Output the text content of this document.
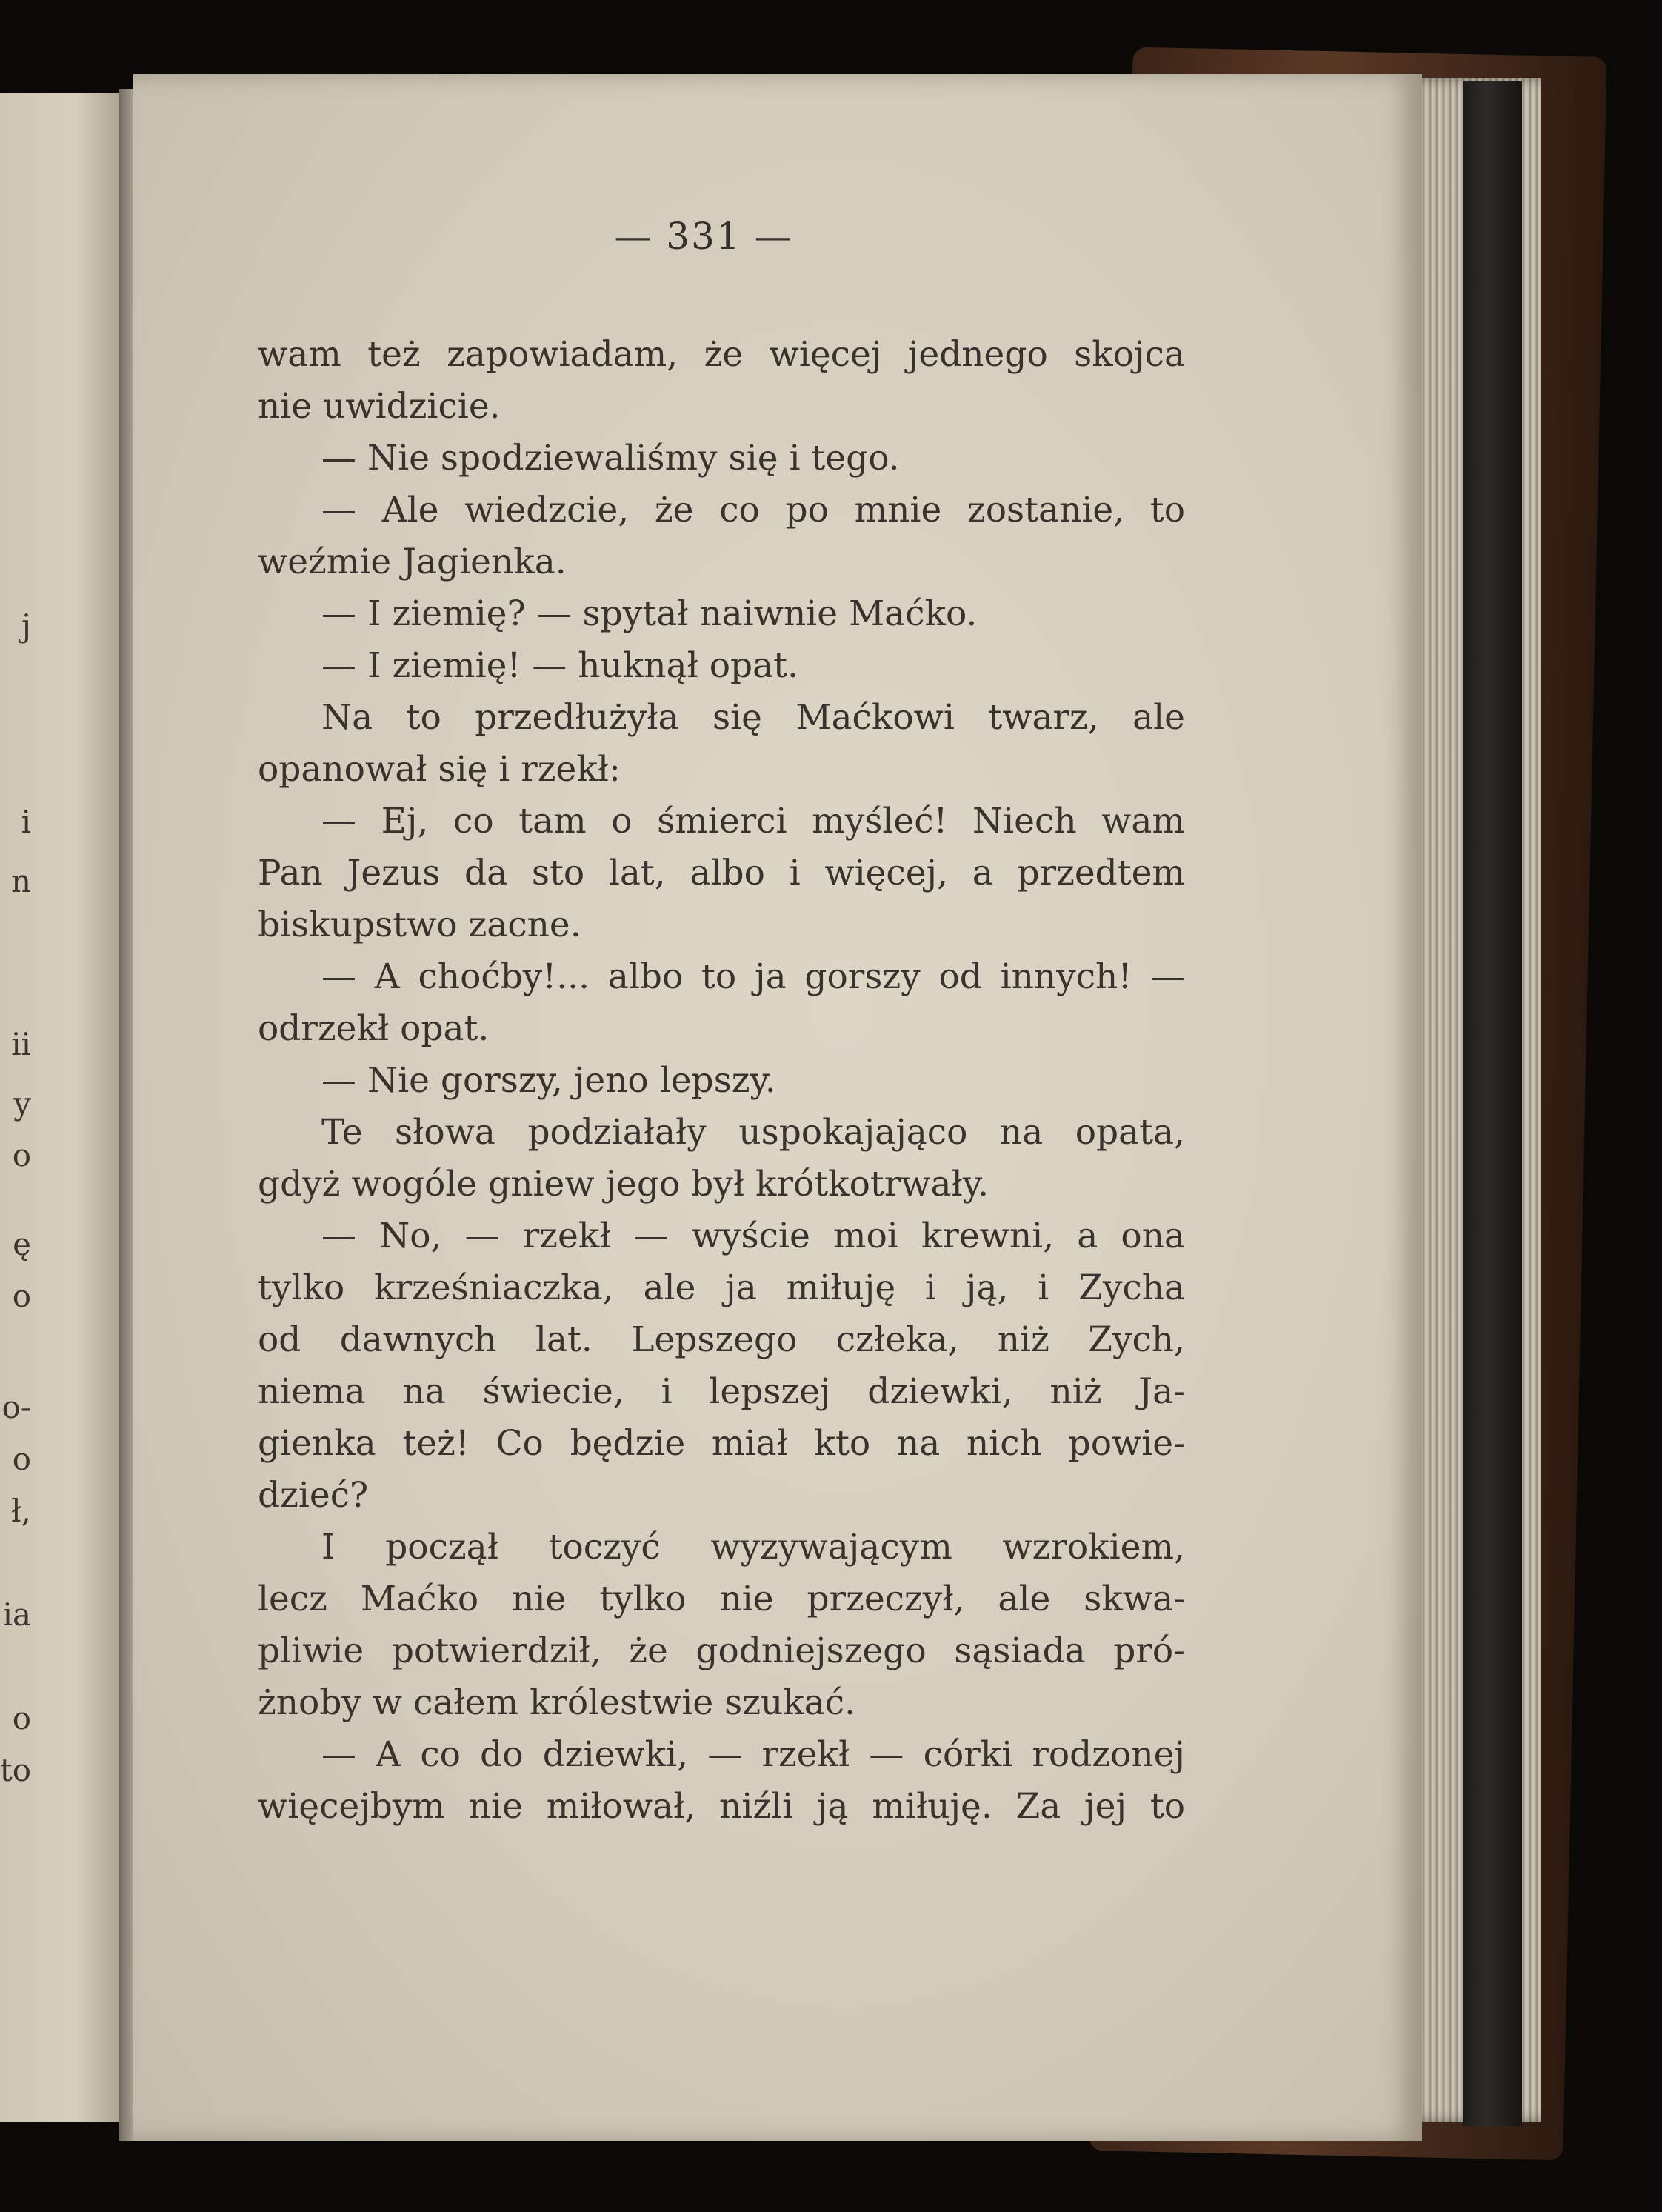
j
i
n
ii
y
o
ę
o
o-
o
ł,
ia
o
to
— 331 —
wam też zapowiadam, że więcej jednego skojca
nie uwidzicie.
— Nie spodziewaliśmy się i tego.
— Ale wiedzcie, że co po mnie zostanie, to
weźmie Jagienka.
— I ziemię? — spytał naiwnie Maćko.
— I ziemię! — huknął opat.
Na to przedłużyła się Maćkowi twarz, ale
opanował się i rzekł:
— Ej, co tam o śmierci myśleć! Niech wam
Pan Jezus da sto lat, albo i więcej, a przedtem
biskupstwo zacne.
— A choćby!... albo to ja gorszy od innych! —
odrzekł opat.
— Nie gorszy, jeno lepszy.
Te słowa podziałały uspokajająco na opata,
gdyż wogóle gniew jego był krótkotrwały.
— No, — rzekł — wyście moi krewni, a ona
tylko krześniaczka, ale ja miłuję i ją, i Zycha
od dawnych lat. Lepszego człeka, niż Zych,
niema na świecie, i lepszej dziewki, niż Ja-
gienka też! Co będzie miał kto na nich powie-
dzieć?
I począł toczyć wyzywającym wzrokiem,
lecz Maćko nie tylko nie przeczył, ale skwa-
pliwie potwierdził, że godniejszego sąsiada pró-
żnoby w całem królestwie szukać.
— A co do dziewki, — rzekł — córki rodzonej
więcejbym nie miłował, niźli ją miłuję. Za jej to
